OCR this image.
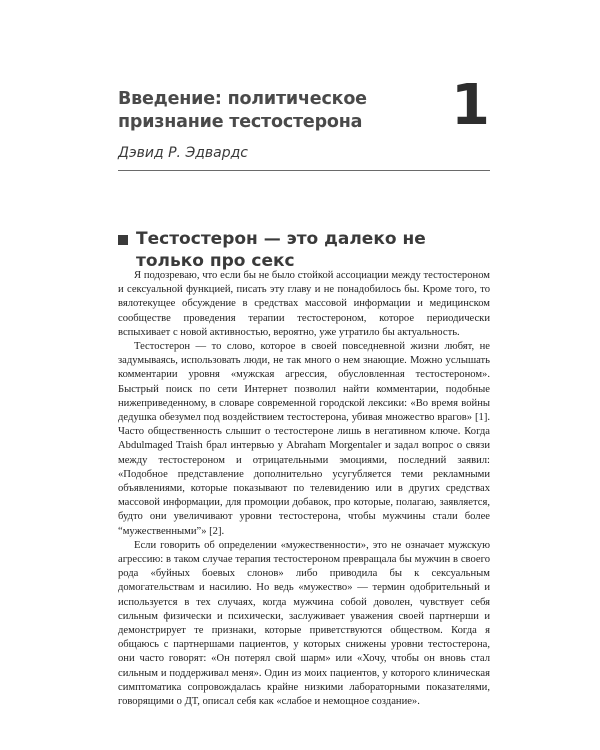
Введение: политическое признание тестостерона	1
Дэвид Р. Эдвардс
Тестостерон — это далеко не только про секс

Я подозреваю, что если бы не было стойкой ассоциации между тестостероном и сексуальной функцией, писать эту главу и не понадобилось бы. Кроме того, то вялотекущее обсуждение в средствах массовой информации и медицинском сообществе проведения терапии тестостероном, которое периодически вспыхивает с новой активностью, вероятно, уже утратило бы актуальность.

Тестостерон — то слово, которое в своей повседневной жизни любят, не задумываясь, использовать люди, не так много о нем знающие. Можно услышать комментарии уровня «мужская агрессия, обусловленная тестостероном». Быстрый поиск по сети Интернет позволил найти комментарии, подобные нижеприведенному, в словаре современной городской лексики: «Во время войны дедушка обезумел под воздействием тестостерона, убивая множество врагов» [1]. Часто общественность слышит о тестостероне лишь в негативном ключе. Когда Abdulmaged Traish брал интервью у Abraham Morgentaler и задал вопрос о связи между тестостероном и отрицательными эмоциями, последний заявил: «Подобное представление дополнительно усугубляется теми рекламными объявлениями, которые показывают по телевидению или в других средствах массовой информации, для промоции добавок, про которые, полагаю, заявляется, будто они увеличивают уровни тестостерона, чтобы мужчины стали более “мужественными”» [2].

Если говорить об определении «мужественности», это не означает мужскую агрессию: в таком случае терапия тестостероном превращала бы мужчин в своего рода «буйных боевых слонов» либо приводила бы к сексуальным домогательствам и насилию. Но ведь «мужество» — термин одобрительный и используется в тех случаях, когда мужчина собой доволен, чувствует себя сильным физически и психически, заслуживает уважения своей партнерши и демонстрирует те признаки, которые приветствуются обществом. Когда я общаюсь с партнершами пациентов, у которых снижены уровни тестостерона, они часто говорят: «Он потерял свой шарм» или «Хочу, чтобы он вновь стал сильным и поддерживал меня». Один из моих пациентов, у которого клиническая симптоматика сопровождалась крайне низкими лабораторными показателями, говорящими о ДТ, описал себя как «слабое и немощное создание».
